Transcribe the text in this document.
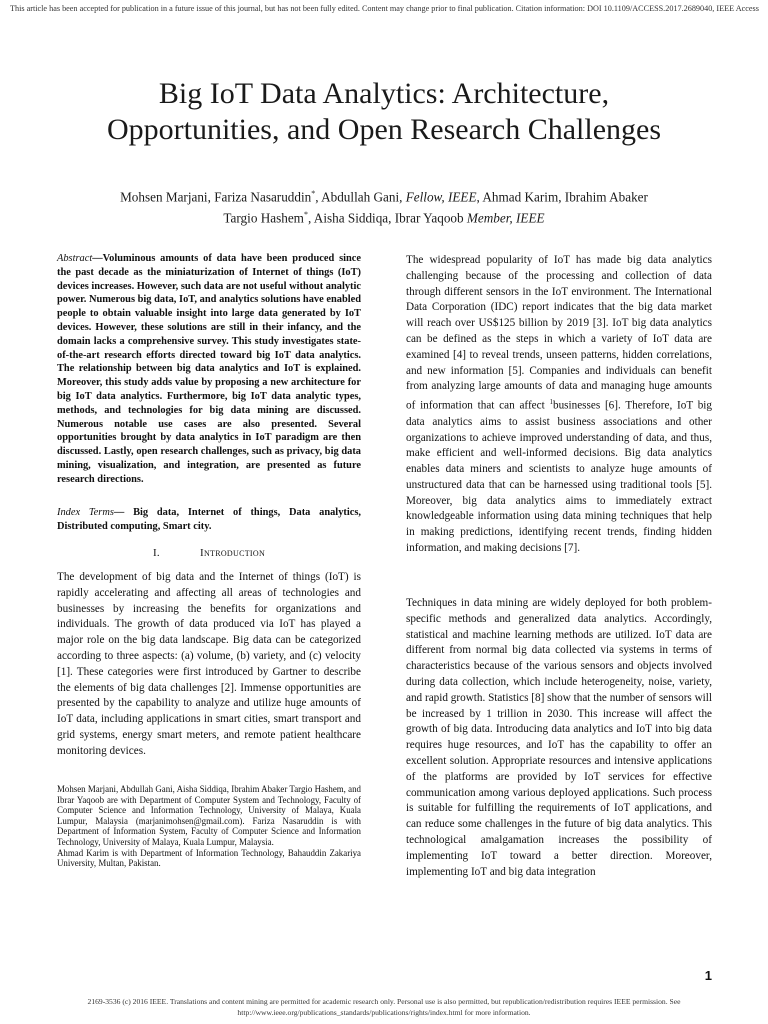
This article has been accepted for publication in a future issue of this journal, but has not been fully edited. Content may change prior to final publication. Citation information: DOI 10.1109/ACCESS.2017.2689040, IEEE Access
Big IoT Data Analytics: Architecture,
Opportunities, and Open Research Challenges
Mohsen Marjani, Fariza Nasaruddin*, Abdullah Gani, Fellow, IEEE, Ahmad Karim, Ibrahim Abaker
Targio Hashem*, Aisha Siddiqa, Ibrar Yaqoob Member, IEEE
Abstract—Voluminous amounts of data have been produced since the past decade as the miniaturization of Internet of things (IoT) devices increases. However, such data are not useful without analytic power. Numerous big data, IoT, and analytics solutions have enabled people to obtain valuable insight into large data generated by IoT devices. However, these solutions are still in their infancy, and the domain lacks a comprehensive survey. This study investigates state-of-the-art research efforts directed toward big IoT data analytics. The relationship between big data analytics and IoT is explained. Moreover, this study adds value by proposing a new architecture for big IoT data analytics. Furthermore, big IoT data analytic types, methods, and technologies for big data mining are discussed. Numerous notable use cases are also presented. Several opportunities brought by data analytics in IoT paradigm are then discussed. Lastly, open research challenges, such as privacy, big data mining, visualization, and integration, are presented as future research directions.
Index Terms— Big data, Internet of things, Data analytics, Distributed computing, Smart city.
I.	Introduction

The development of big data and the Internet of things (IoT) is rapidly accelerating and affecting all areas of technologies and businesses by increasing the benefits for organizations and individuals. The growth of data produced via IoT has played a major role on the big data landscape. Big data can be categorized according to three aspects: (a) volume, (b) variety, and (c) velocity [1]. These categories were first introduced by Gartner to describe the elements of big data challenges [2]. Immense opportunities are presented by the capability to analyze and utilize huge amounts of IoT data, including applications in smart cities, smart transport and grid systems, energy smart meters, and remote patient healthcare monitoring devices.

Mohsen Marjani, Abdullah Gani, Aisha Siddiqa, Ibrahim Abaker Targio Hashem, and Ibrar Yaqoob are with Department of Computer System and Technology, Faculty of Computer Science and Information Technology, University of Malaya, Kuala Lumpur, Malaysia (marjanimohsen@gmail.com). Fariza Nasaruddin is with Department of Information System, Faculty of Computer Science and Information Technology, University of Malaya, Kuala Lumpur, Malaysia.

Ahmad Karim is with Department of Information Technology, Bahauddin Zakariya University, Multan, Pakistan.

The widespread popularity of IoT has made big data analytics challenging because of the processing and collection of data through different sensors in the IoT environment. The International Data Corporation (IDC) report indicates that the big data market will reach over US$125 billion by 2019 [3]. IoT big data analytics can be defined as the steps in which a variety of IoT data are examined [4] to reveal trends, unseen patterns, hidden correlations, and new information [5]. Companies and individuals can benefit from analyzing large amounts of data and managing huge amounts of information that can affect $^1$businesses [6]. Therefore, IoT big data analytics aims to assist business associations and other organizations to achieve improved understanding of data, and thus, make efficient and well-informed decisions. Big data analytics enables data miners and scientists to analyze huge amounts of unstructured data that can be harnessed using traditional tools [5]. Moreover, big data analytics aims to immediately extract knowledgeable information using data mining techniques that help in making predictions, identifying recent trends, finding hidden information, and making decisions [7].

Techniques in data mining are widely deployed for both problem-specific methods and generalized data analytics. Accordingly, statistical and machine learning methods are utilized. IoT data are different from normal big data collected via systems in terms of characteristics because of the various sensors and objects involved during data collection, which include heterogeneity, noise, variety, and rapid growth. Statistics [8] show that the number of sensors will be increased by 1 trillion in 2030. This increase will affect the growth of big data. Introducing data analytics and IoT into big data requires huge resources, and IoT has the capability to offer an excellent solution. Appropriate resources and intensive applications of the platforms are provided by IoT services for effective communication among various deployed applications. Such process is suitable for fulfilling the requirements of IoT applications, and can reduce some challenges in the future of big data analytics. This technological amalgamation increases the possibility of implementing IoT toward a better direction. Moreover, implementing IoT and big data integration

1
2169-3536 (c) 2016 IEEE. Translations and content mining are permitted for academic research only. Personal use is also permitted, but republication/redistribution requires IEEE permission. See
http://www.ieee.org/publications_standards/publications/rights/index.html for more information.
